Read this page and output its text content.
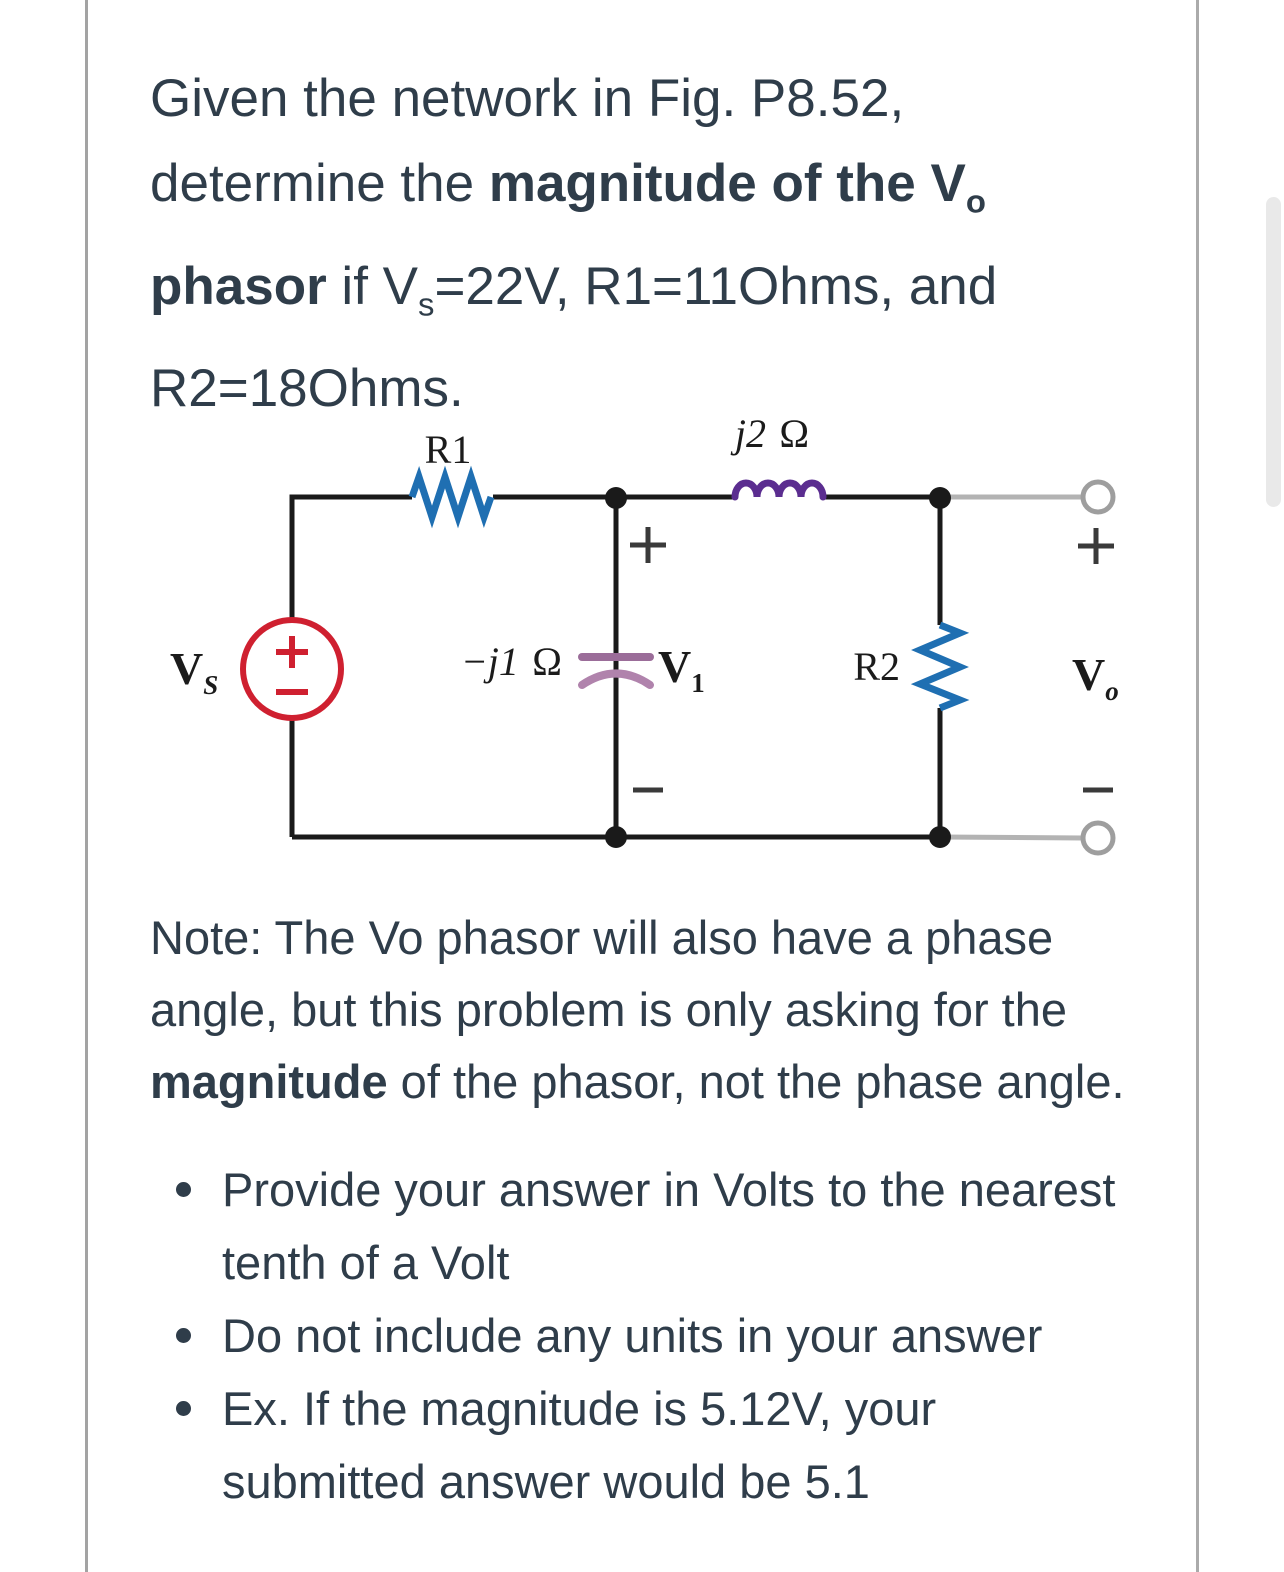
Given the network in Fig. P8.52, determine the magnitude of the $V_o$ phasor if $V_s=22V$, R1=11Ohms, and R2=18Ohms.

R1	j2  Ω
−j1  Ω
$V_S$	$V_1$	R2	$V_o$

Note: The Vo phasor will also have a phase angle, but this problem is only asking for the magnitude of the phasor, not the phase angle.

Provide your answer in Volts to the nearest tenth of a Volt
Do not include any units in your answer
Ex. If the magnitude is 5.12V, your submitted answer would be 5.1
